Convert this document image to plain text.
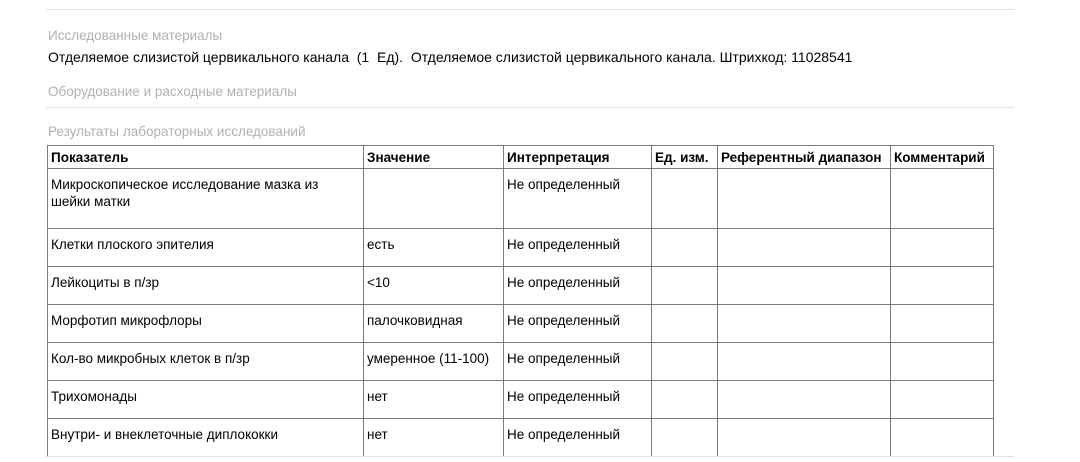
Исследованные материалы
Отделяемое слизистой цервикального канала  (1  Ед).  Отделяемое слизистой цервикального канала. Штрихкод: 11028541
Оборудование и расходные материалы
Результаты лабораторных исследований
Показатель	Значение	Интерпретация	Ед. изм.	Референтный диапазон	Комментарий
Микроскопическое исследование мазка из шейки матки		Не определенный			
Клетки плоского эпителия	есть	Не определенный			
Лейкоциты в п/зр	<10	Не определенный			
Морфотип микрофлоры	палочковидная	Не определенный			
Кол-во микробных клеток в п/зр	умеренное (11-100)	Не определенный			
Трихомонады	нет	Не определенный			
Внутри- и внеклеточные диплококки	нет	Не определенный			
